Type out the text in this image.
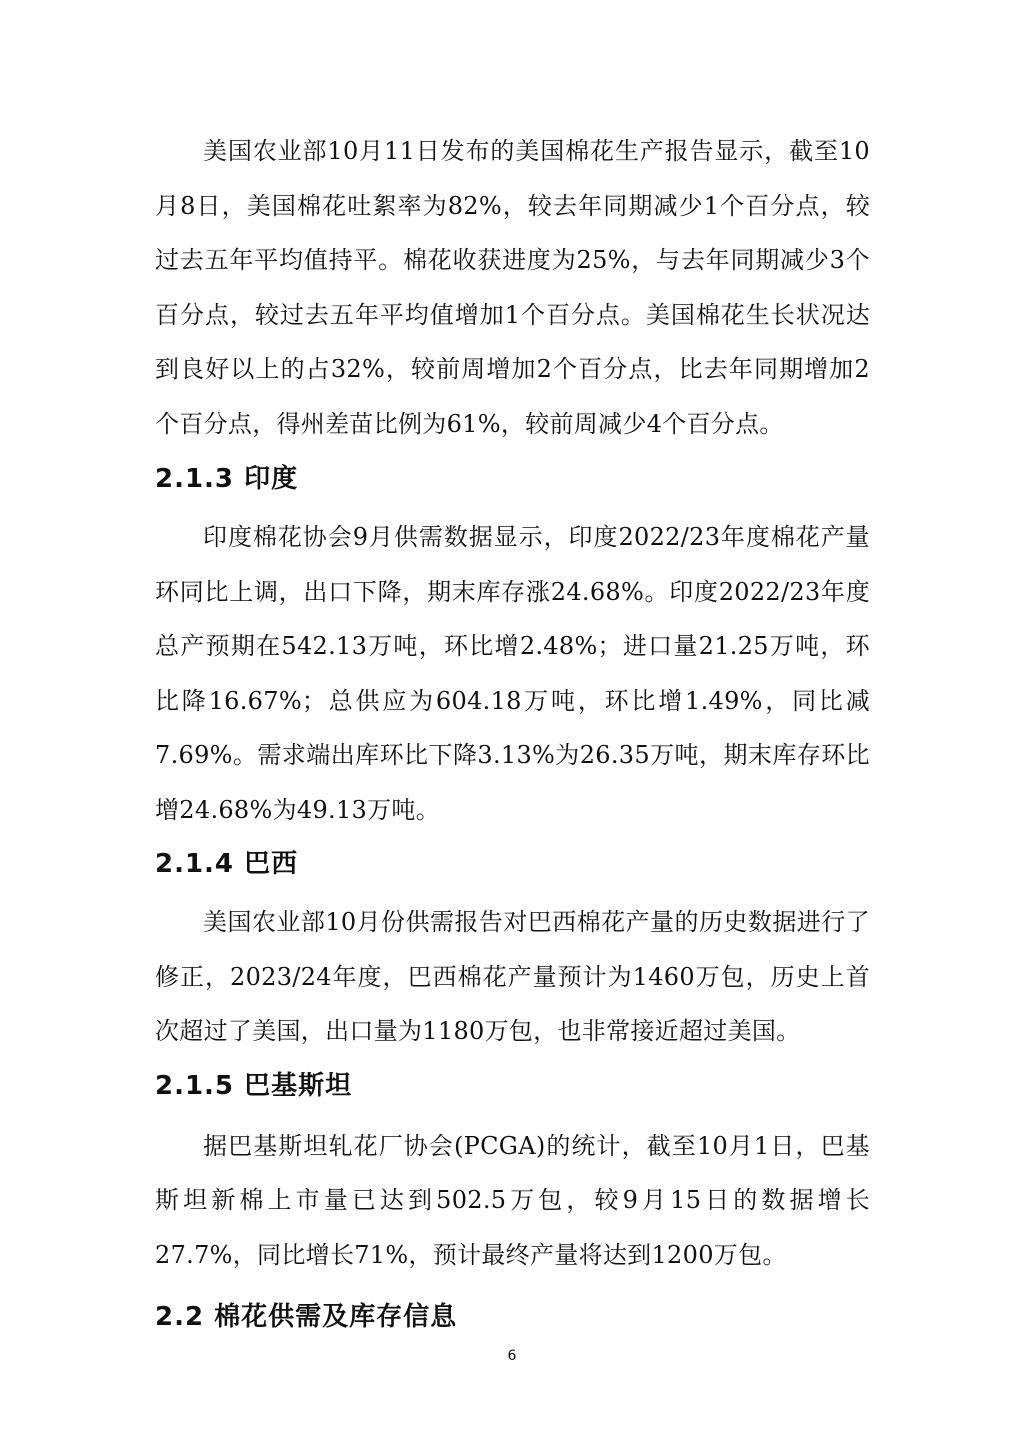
美国农业部10月11日发布的美国棉花生产报告显示，截至10月8日，美国棉花吐絮率为82%，较去年同期减少1个百分点，较过去五年平均值持平。棉花收获进度为25%，与去年同期减少3个百分点，较过去五年平均值增加1个百分点。美国棉花生长状况达到良好以上的占32%，较前周增加2个百分点，比去年同期增加2个百分点，得州差苗比例为61%，较前周减少4个百分点。

2.1.3 印度

印度棉花协会9月供需数据显示，印度2022/23年度棉花产量环同比上调，出口下降，期末库存涨24.68%。印度2022/23年度总产预期在542.13万吨，环比增2.48%；进口量21.25万吨，环比降16.67%；总供应为604.18万吨，环比增1.49%，同比减7.69%。需求端出库环比下降3.13%为26.35万吨，期末库存环比增24.68%为49.13万吨。

2.1.4 巴西

美国农业部10月份供需报告对巴西棉花产量的历史数据进行了修正，2023/24年度，巴西棉花产量预计为1460万包，历史上首次超过了美国，出口量为1180万包，也非常接近超过美国。

2.1.5 巴基斯坦

据巴基斯坦轧花厂协会(PCGA)的统计，截至10月1日，巴基斯坦新棉上市量已达到502.5万包，较9月15日的数据增长27.7%，同比增长71%，预计最终产量将达到1200万包。

2.2 棉花供需及库存信息
6
